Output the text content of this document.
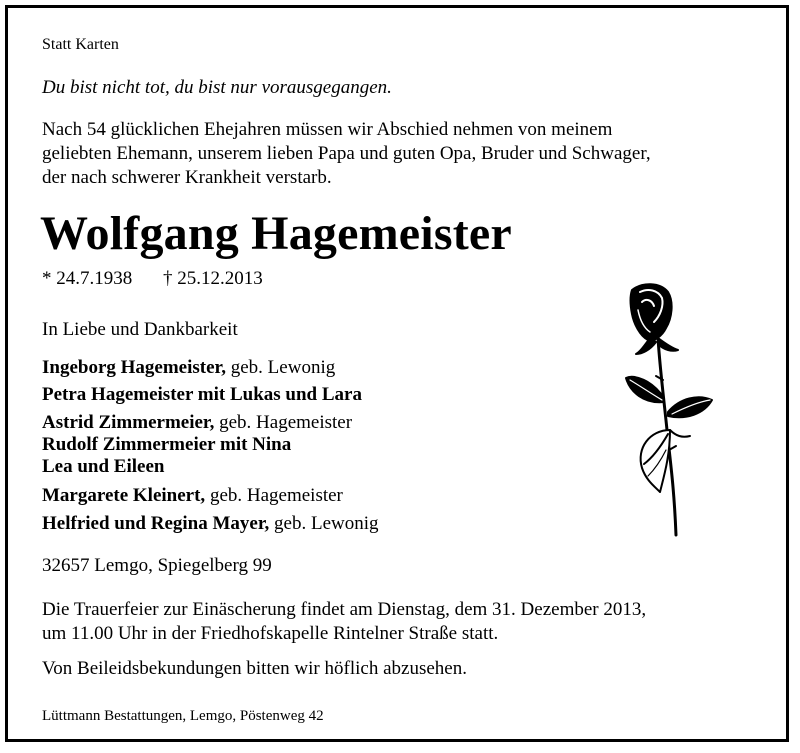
Statt Karten
Du bist nicht tot, du bist nur vorausgegangen.
Nach 54 glücklichen Ehejahren müssen wir Abschied nehmen von meinem
geliebten Ehemann, unserem lieben Papa und guten Opa, Bruder und Schwager,
der nach schwerer Krankheit verstarb.
Wolfgang Hagemeister
* 24.7.1938 † 25.12.2013
In Liebe und Dankbarkeit
Ingeborg Hagemeister, geb. Lewonig
Petra Hagemeister mit Lukas und Lara
Astrid Zimmermeier, geb. Hagemeister
Rudolf Zimmermeier mit Nina
Lea und Eileen
Margarete Kleinert, geb. Hagemeister
Helfried und Regina Mayer, geb. Lewonig
32657 Lemgo, Spiegelberg 99
Die Trauerfeier zur Einäscherung findet am Dienstag, dem 31. Dezember 2013,
um 11.00 Uhr in der Friedhofskapelle Rintelner Straße statt.
Von Beileidsbekundungen bitten wir höflich abzusehen.
Lüttmann Bestattungen, Lemgo, Pöstenweg 42
